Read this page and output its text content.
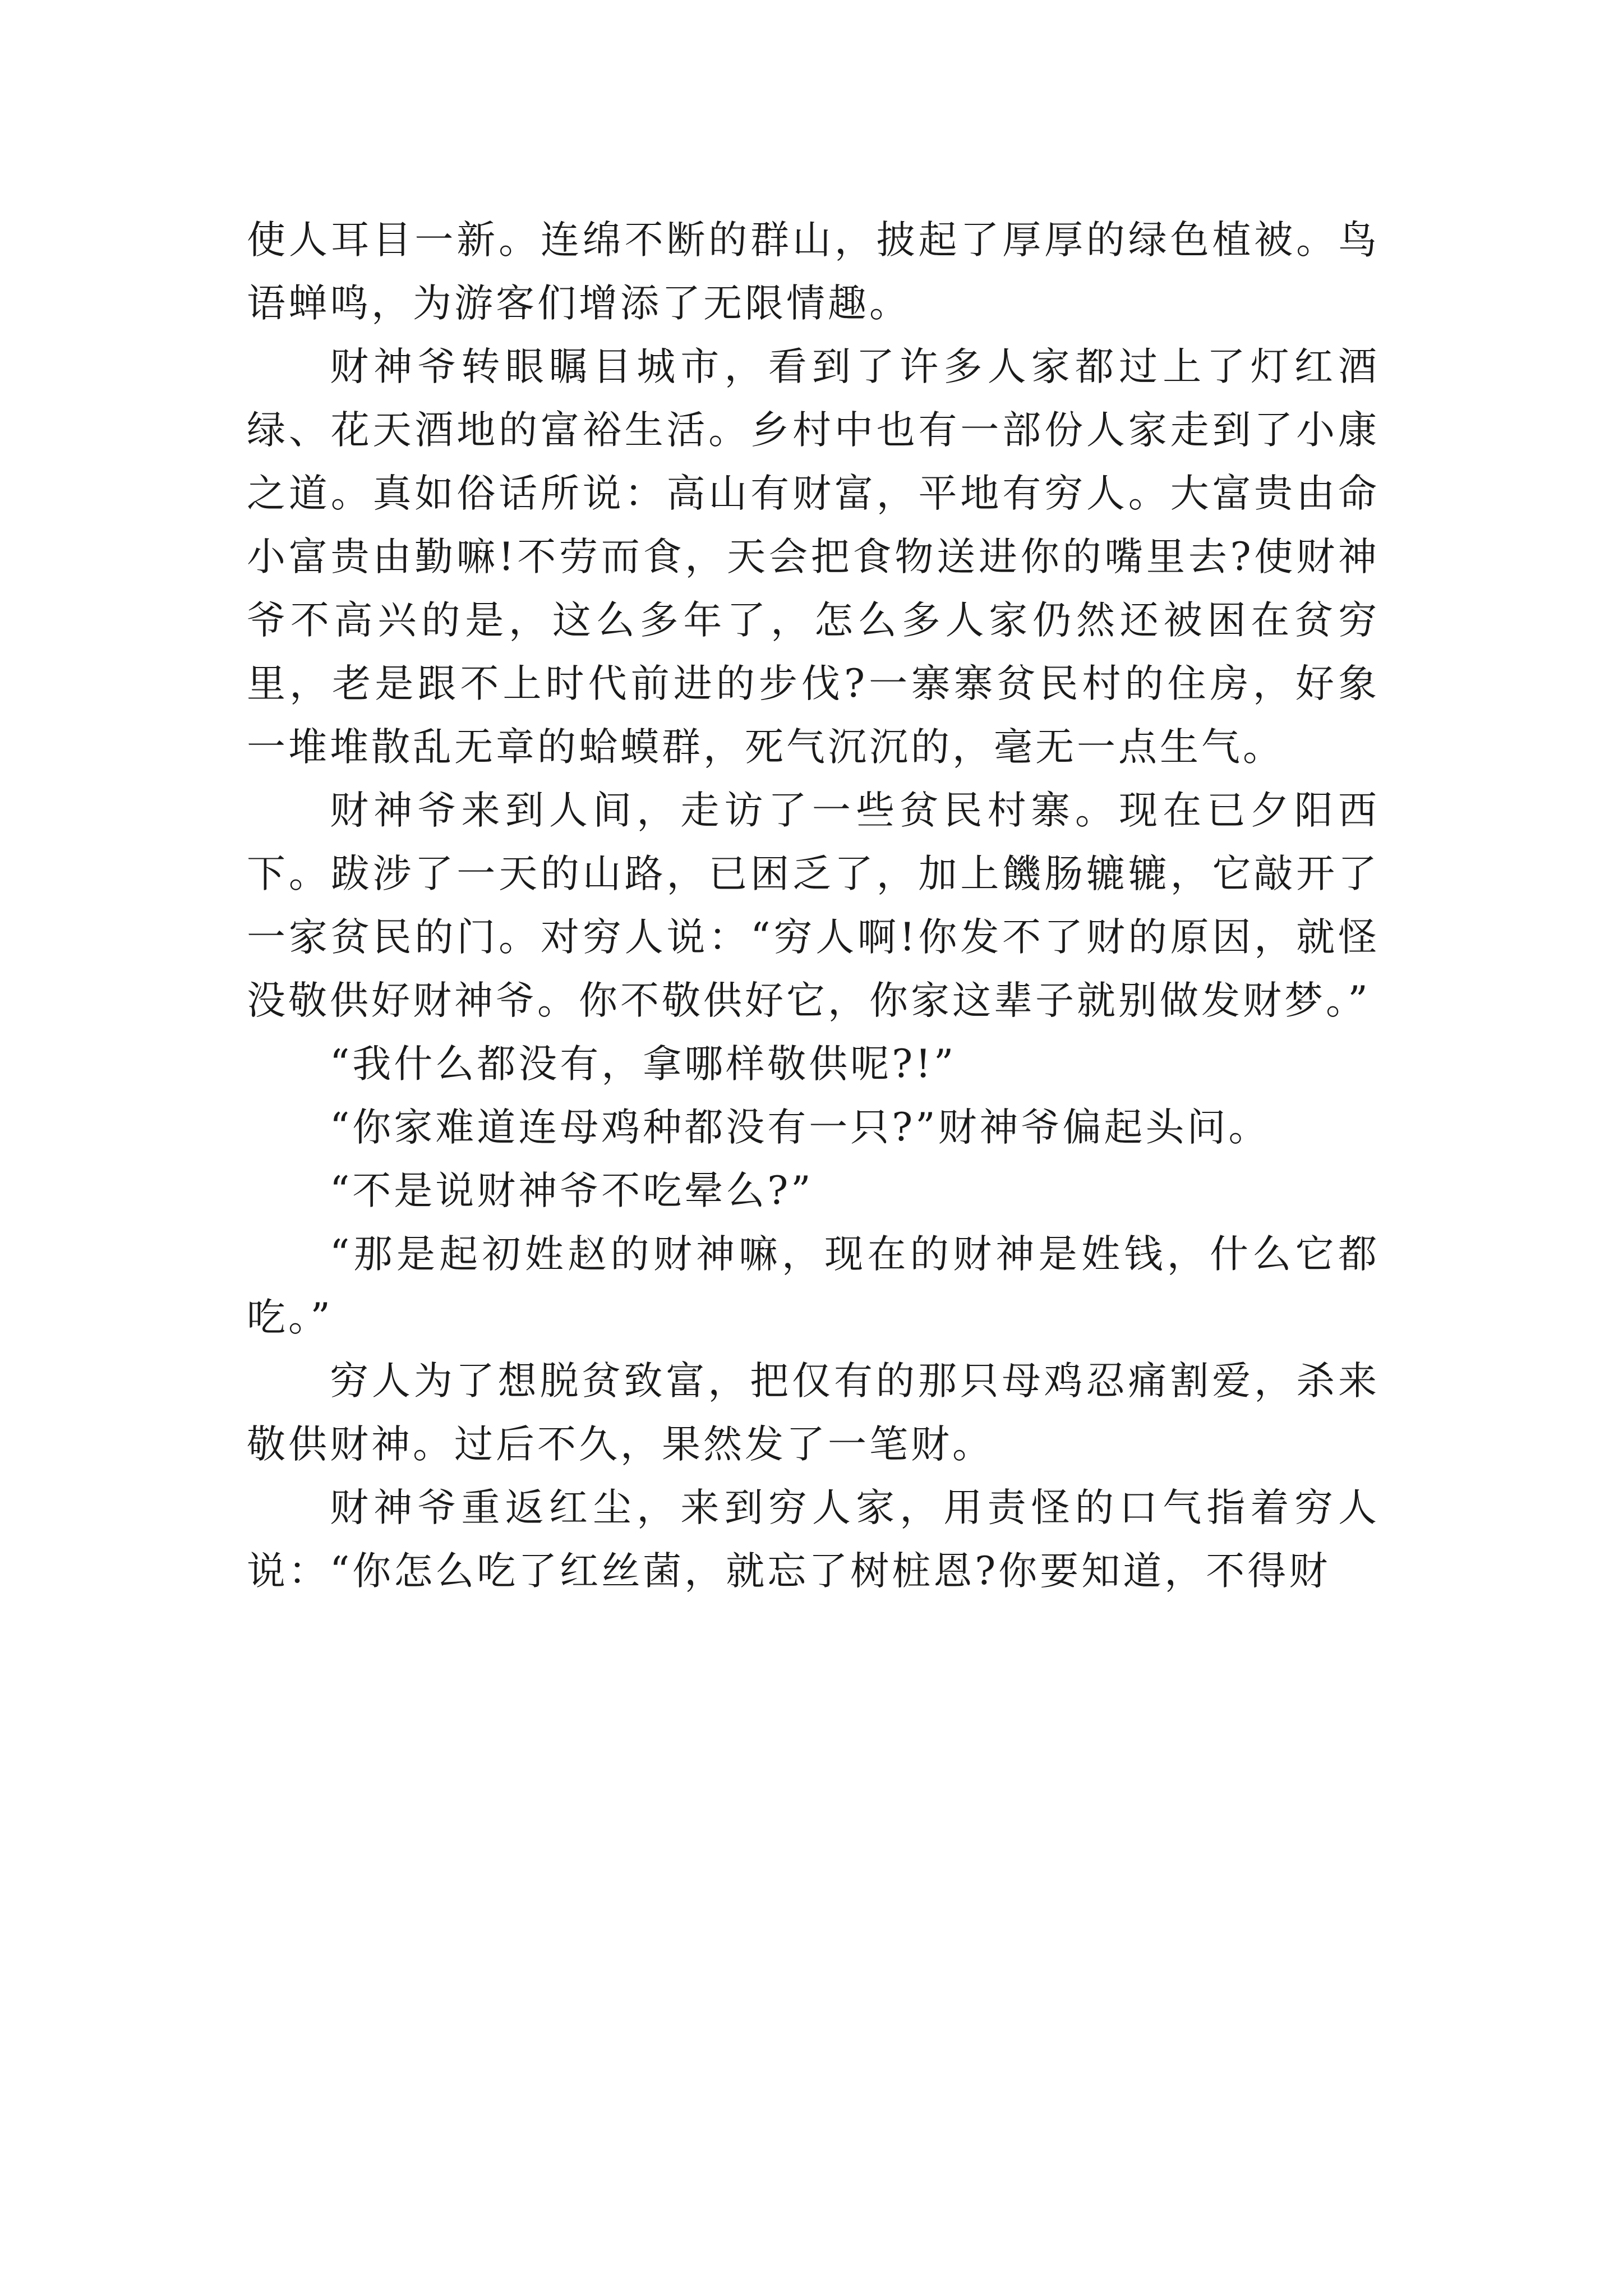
使人耳目一新。连绵不断的群山，披起了厚厚的绿色植被。鸟语蝉鸣，为游客们增添了无限情趣。

财神爷转眼瞩目城市，看到了许多人家都过上了灯红酒绿、花天酒地的富裕生活。乡村中也有一部份人家走到了小康之道。真如俗话所说：高山有财富，平地有穷人。大富贵由命小富贵由勤嘛!不劳而食，天会把食物送进你的嘴里去?使财神爷不高兴的是，这么多年了，怎么多人家仍然还被困在贫穷里，老是跟不上时代前进的步伐?一寨寨贫民村的住房，好象一堆堆散乱无章的蛤蟆群，死气沉沉的，毫无一点生气。

财神爷来到人间，走访了一些贫民村寨。现在已夕阳西下。跋涉了一天的山路，已困乏了，加上饑肠辘辘，它敲开了一家贫民的门。对穷人说：“穷人啊!你发不了财的原因，就怪没敬供好财神爷。你不敬供好它，你家这辈子就别做发财梦。”

“我什么都没有，拿哪样敬供呢?!”

“你家难道连母鸡种都没有一只?”财神爷偏起头问。

“不是说财神爷不吃晕么?”

“那是起初姓赵的财神嘛，现在的财神是姓钱，什么它都吃。”

穷人为了想脱贫致富，把仅有的那只母鸡忍痛割爱，杀来敬供财神。过后不久，果然发了一笔财。

财神爷重返红尘，来到穷人家，用责怪的口气指着穷人说：“你怎么吃了红丝菌，就忘了树桩恩?你要知道，不得财
